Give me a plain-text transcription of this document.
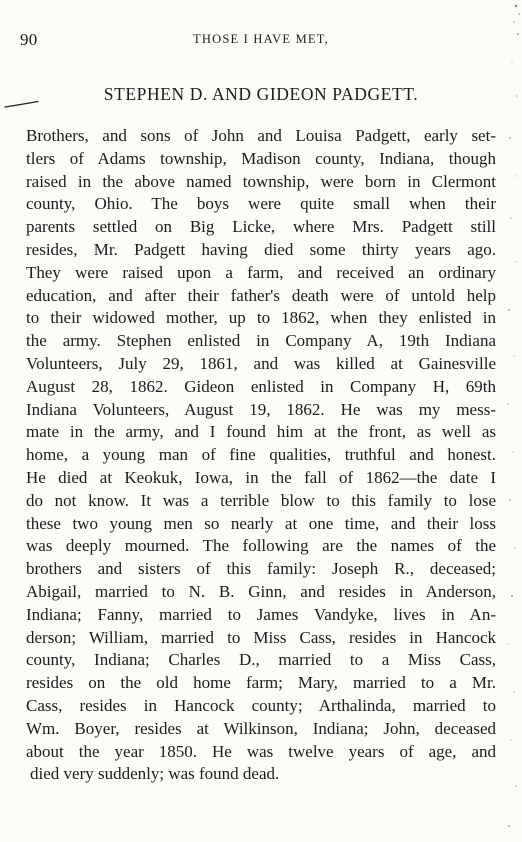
90	THOSE I HAVE MET,
STEPHEN D. AND GIDEON PADGETT.
Brothers, and sons of John and Louisa Padgett, early set-
tlers of Adams township, Madison county, Indiana, though
raised in the above named township, were born in Clermont
county, Ohio. The boys were quite small when their
parents settled on Big Licke, where Mrs. Padgett still
resides, Mr. Padgett having died some thirty years ago.
They were raised upon a farm, and received an ordinary
education, and after their father's death were of untold help
to their widowed mother, up to 1862, when they enlisted in
the army. Stephen enlisted in Company A, 19th Indiana
Volunteers, July 29, 1861, and was killed at Gainesville
August 28, 1862. Gideon enlisted in Company H, 69th
Indiana Volunteers, August 19, 1862. He was my mess-
mate in the army, and I found him at the front, as well as
home, a young man of fine qualities, truthful and honest.
He died at Keokuk, Iowa, in the fall of 1862—the date I
do not know. It was a terrible blow to this family to lose
these two young men so nearly at one time, and their loss
was deeply mourned. The following are the names of the
brothers and sisters of this family: Joseph R., deceased;
Abigail, married to N. B. Ginn, and resides in Anderson,
Indiana; Fanny, married to James Vandyke, lives in An-
derson; William, married to Miss Cass, resides in Hancock
county, Indiana; Charles D., married to a Miss Cass,
resides on the old home farm; Mary, married to a Mr.
Cass, resides in Hancock county; Arthalinda, married to
Wm. Boyer, resides at Wilkinson, Indiana; John, deceased
about the year 1850. He was twelve years of age, and
died very suddenly; was found dead.
